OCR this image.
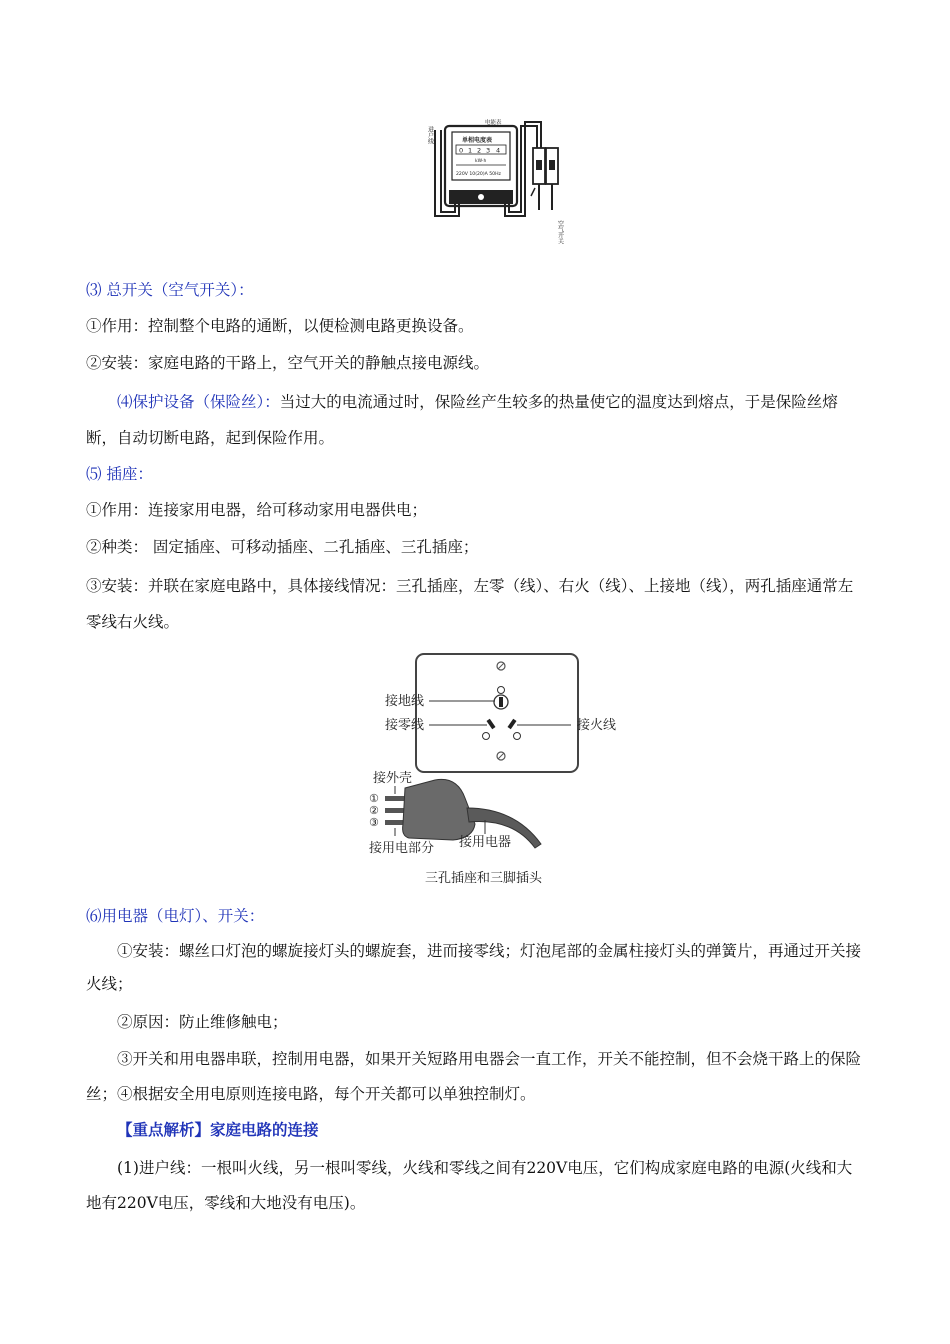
电能表
单相电度表
0 1 2 3 4
kW·h
220V 10(20)A 50Hz
进户线
空气开关

⑶ 总开关（空气开关）：

①作用：控制整个电路的通断，以便检测电路更换设备。

②安装：家庭电路的干路上，空气开关的静触点接电源线。

⑷保护设备（保险丝）：当过大的电流通过时，保险丝产生较多的热量使它的温度达到熔点，于是保险丝熔断，自动切断电路，起到保险作用。

⑸ 插座：

①作用：连接家用电器，给可移动家用电器供电；

②种类： 固定插座、可移动插座、二孔插座、三孔插座；

③安装：并联在家庭电路中，具体接线情况：三孔插座，左零（线）、右火（线）、上接地（线），两孔插座通常左零线右火线。

接地线
接零线	接火线
接外壳
①
②
③
接用电器
接用电部分
三孔插座和三脚插头

⑹用电器（电灯）、开关：

①安装：螺丝口灯泡的螺旋接灯头的螺旋套，进而接零线；灯泡尾部的金属柱接灯头的弹簧片，再通过开关接火线；

②原因：防止维修触电；

③开关和用电器串联，控制用电器，如果开关短路用电器会一直工作，开关不能控制，但不会烧干路上的保险丝；④根据安全用电原则连接电路，每个开关都可以单独控制灯。

【重点解析】家庭电路的连接

(1)进户线：一根叫火线，另一根叫零线，火线和零线之间有220V电压，它们构成家庭电路的电源(火线和大地有220V电压，零线和大地没有电压)。
